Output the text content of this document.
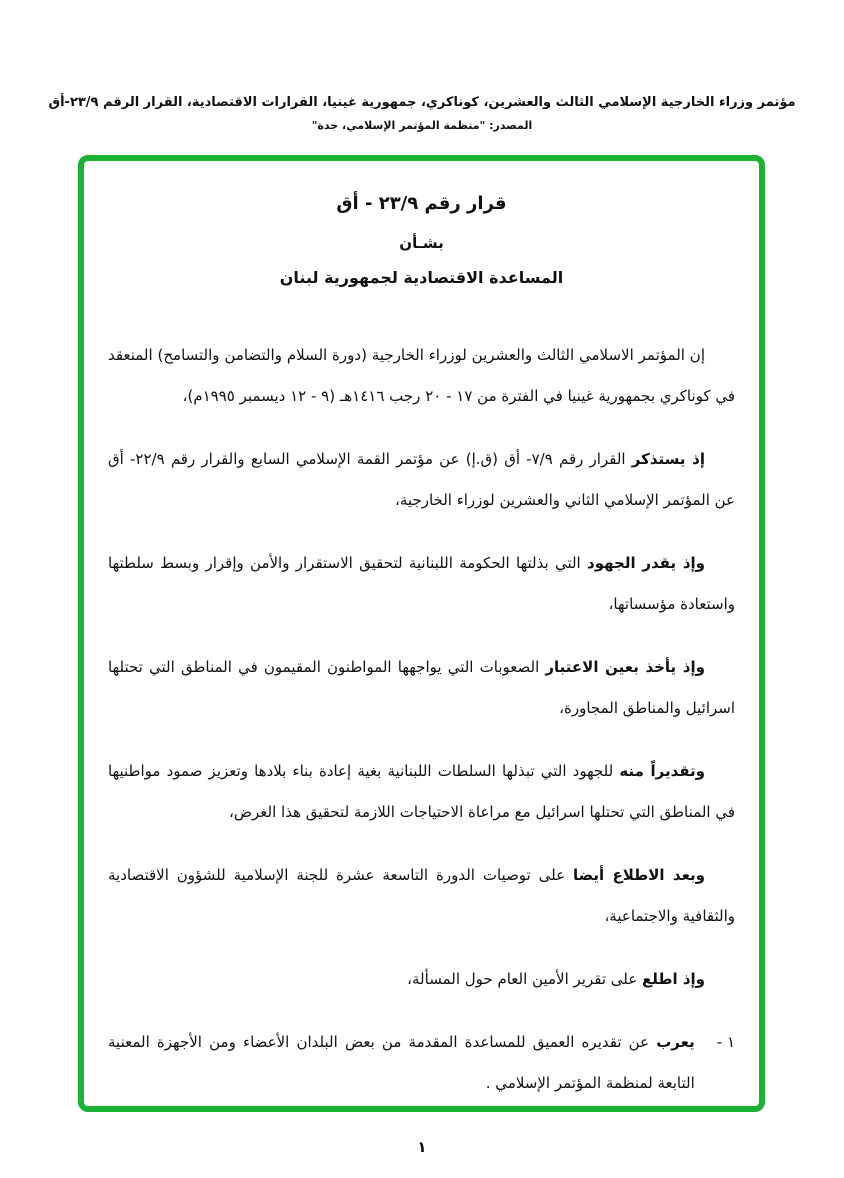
مؤتمر وزراء الخارجية الإسلامي الثالث والعشرين، كوناكري، جمهورية غينيا، القرارات الاقتصادية، القرار الرقم ٢٣/٩-أق
المصدر: "منظمة المؤتمر الإسلامي، جدة"
قرار رقم ٢٣/٩ - أق
بشـأن
المساعدة الاقتصادية لجمهورية لبنان

إن المؤتمر الاسلامي الثالث والعشرين لوزراء الخارجية (دورة السلام والتضامن والتسامح) المنعقد في كوناكري بجمهورية غينيا في الفترة من ١٧ - ٢٠ رجب ١٤١٦هـ (٩ - ١٢ ديسمبر ١٩٩٥م)،

إذ يستذكر القرار رقم ٧/٩- أق (ق.إ) عن مؤتمر القمة الإسلامي السابع والقرار رقم ٢٢/٩- أق عن المؤتمر الإسلامي الثاني والعشرين لوزراء الخارجية،

وإذ يقدر الجهود التي بذلتها الحكومة اللبنانية لتحقيق الاستقرار والأمن وإقرار وبسط سلطتها واستعادة مؤسساتها،

وإذ يأخذ بعين الاعتبار الصعوبات التي يواجهها المواطنون المقيمون في المناطق التي تحتلها اسرائيل والمناطق المجاورة،

وتقديراً منه للجهود التي تبذلها السلطات اللبنانية بغية إعادة بناء بلادها وتعزيز صمود مواطنيها في المناطق التي تحتلها اسرائيل مع مراعاة الاحتياجات اللازمة لتحقيق هذا الغرض،

وبعد الاطلاع أيضا على توصيات الدورة التاسعة عشرة للجنة الإسلامية للشؤون الاقتصادية والثقافية والاجتماعية،

وإذ اطلع على تقرير الأمين العام حول المسألة،

١ -

يعرب عن تقديره العميق للمساعدة المقدمة من بعض البلدان الأعضاء ومن الأجهزة المعنية التابعة لمنظمة المؤتمر الإسلامي .

١
